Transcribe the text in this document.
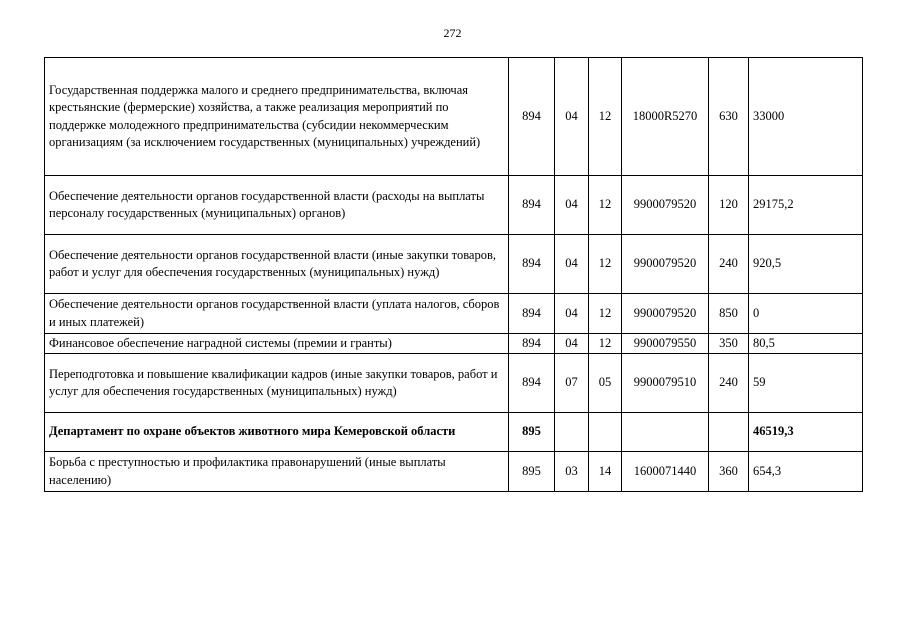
272
Государственная поддержка малого и среднего предпринимательства, включая крестьянские (фермерские) хозяйства, а также реализация мероприятий по поддержке молодежного предпринимательства (субсидии некоммерческим организациям (за исключением государственных (муниципальных) учреждений)	894	04	12	18000R5270	630	33000
Обеспечение деятельности органов государственной власти (расходы на выплаты персоналу государственных (муниципальных) органов)	894	04	12	9900079520	120	29175,2
Обеспечение деятельности органов государственной власти (иные закупки товаров, работ и услуг для обеспечения государственных (муниципальных) нужд)	894	04	12	9900079520	240	920,5
Обеспечение деятельности органов государственной власти (уплата налогов, сборов и иных платежей)	894	04	12	9900079520	850	0
Финансовое обеспечение наградной системы (премии и гранты)	894	04	12	9900079550	350	80,5
Переподготовка и повышение квалификации кадров (иные закупки товаров, работ и услуг для обеспечения государственных (муниципальных) нужд)	894	07	05	9900079510	240	59
Департамент по охране объектов животного мира Кемеровской области	895					46519,3
Борьба с преступностью и профилактика правонарушений (иные выплаты населению)	895	03	14	1600071440	360	654,3
